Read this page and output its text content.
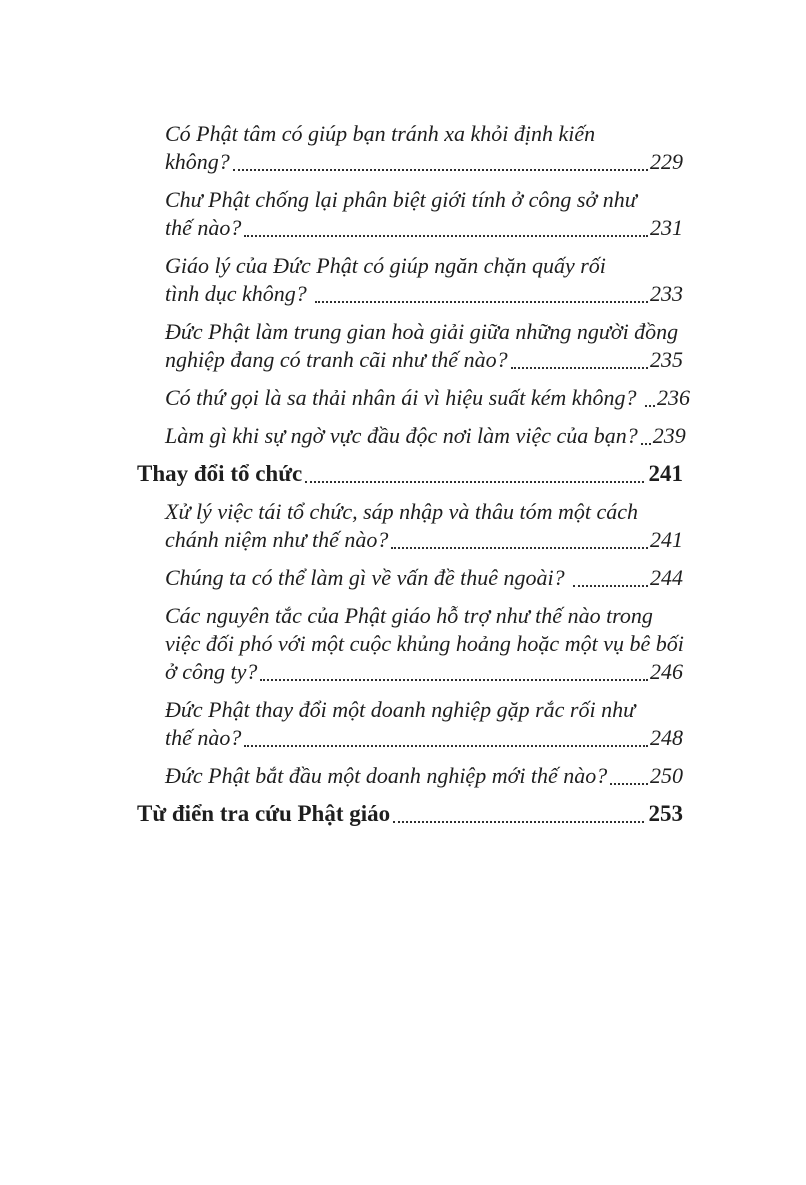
Có Phật tâm có giúp bạn tránh xa khỏi định kiến
không?	229
Chư Phật chống lại phân biệt giới tính ở công sở như
thế nào?	231
Giáo lý của Đức Phật có giúp ngăn chặn quấy rối
tình dục không?	233
Đức Phật làm trung gian hoà giải giữa những người đồng
nghiệp đang có tranh cãi như thế nào?	235
Có thứ gọi là sa thải nhân ái vì hiệu suất kém không? 236
Làm gì khi sự ngờ vực đầu độc nơi làm việc của bạn? 239
Thay đổi tổ chức	241
Xử lý việc tái tổ chức, sáp nhập và thâu tóm một cách
chánh niệm như thế nào?	241
Chúng ta có thể làm gì về vấn đề thuê ngoài?	244
Các nguyên tắc của Phật giáo hỗ trợ như thế nào trong
việc đối phó với một cuộc khủng hoảng hoặc một vụ bê bối
ở công ty?	246
Đức Phật thay đổi một doanh nghiệp gặp rắc rối như
thế nào?	248
Đức Phật bắt đầu một doanh nghiệp mới thế nào? 250
Từ điển tra cứu Phật giáo	253
